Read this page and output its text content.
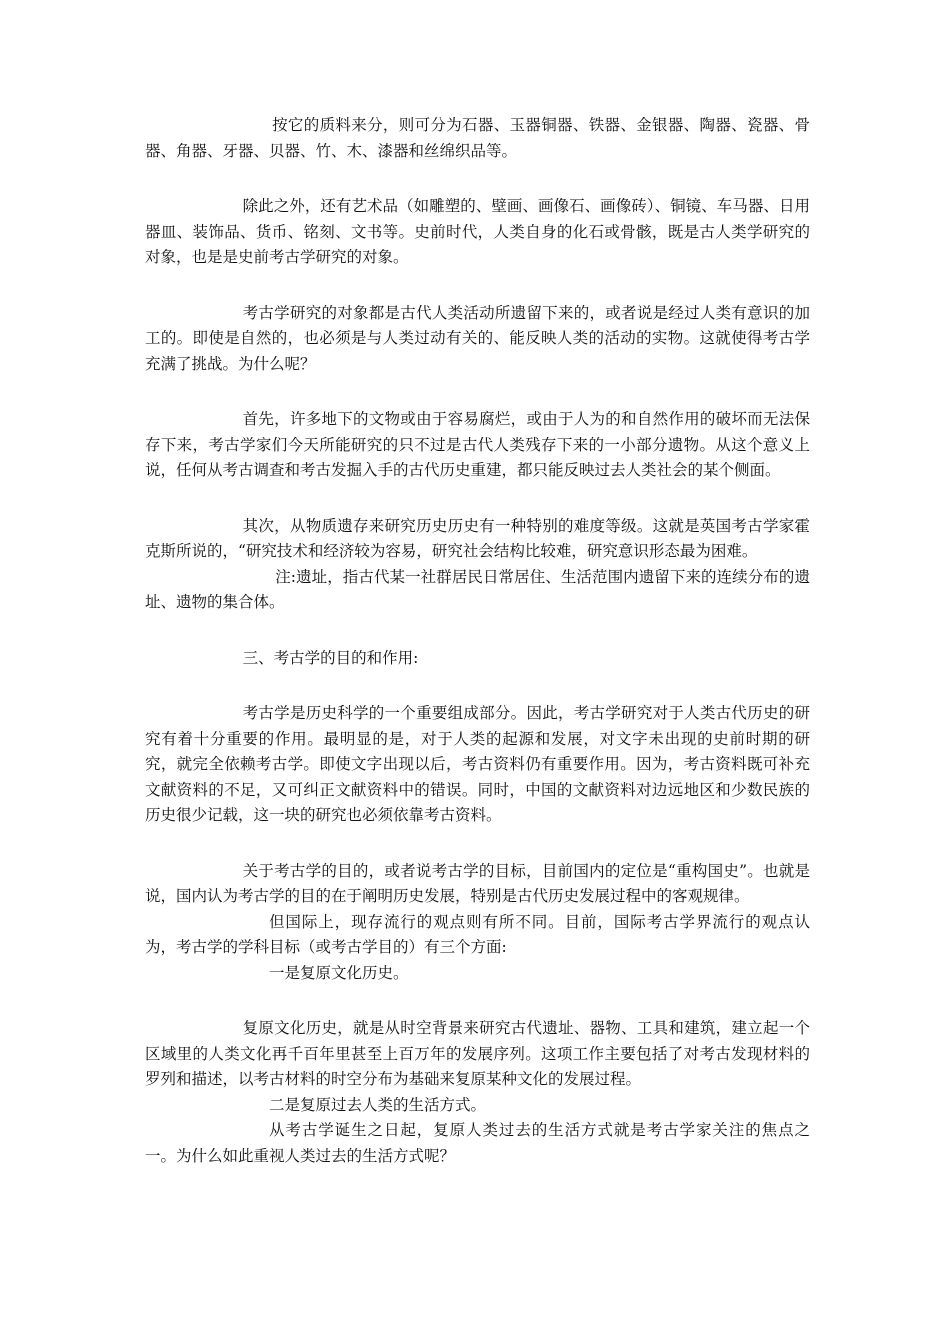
按它的质料来分，则可分为石器、玉器铜器、铁器、金银器、陶器、瓷器、骨器、角器、牙器、贝器、竹、木、漆器和丝绵织品等。

除此之外，还有艺术品（如雕塑的、壁画、画像石、画像砖）、铜镜、车马器、日用器皿、装饰品、货币、铭刻、文书等。史前时代，人类自身的化石或骨骸，既是古人类学研究的对象，也是是史前考古学研究的对象。

考古学研究的对象都是古代人类活动所遗留下来的，或者说是经过人类有意识的加工的。即使是自然的，也必须是与人类过动有关的、能反映人类的活动的实物。这就使得考古学充满了挑战。为什么呢？

首先，许多地下的文物或由于容易腐烂，或由于人为的和自然作用的破坏而无法保存下来，考古学家们今天所能研究的只不过是古代人类残存下来的一小部分遗物。从这个意义上说，任何从考古调查和考古发掘入手的古代历史重建，都只能反映过去人类社会的某个侧面。

其次，从物质遗存来研究历史历史有一种特别的难度等级。这就是英国考古学家霍克斯所说的，“研究技术和经济较为容易，研究社会结构比较难，研究意识形态最为困难。

注:遗址，指古代某一社群居民日常居住、生活范围内遗留下来的连续分布的遗址、遗物的集合体。

三、考古学的目的和作用:

考古学是历史科学的一个重要组成部分。因此，考古学研究对于人类古代历史的研究有着十分重要的作用。最明显的是，对于人类的起源和发展，对文字未出现的史前时期的研究，就完全依赖考古学。即使文字出现以后，考古资料仍有重要作用。因为，考古资料既可补充文献资料的不足，又可纠正文献资料中的错误。同时，中国的文献资料对边远地区和少数民族的历史很少记载，这一块的研究也必须依靠考古资料。

关于考古学的目的，或者说考古学的目标，目前国内的定位是“重构国史”。也就是说，国内认为考古学的目的在于阐明历史发展，特别是古代历史发展过程中的客观规律。

但国际上，现存流行的观点则有所不同。目前，国际考古学界流行的观点认为，考古学的学科目标（或考古学目的）有三个方面:

一是复原文化历史。

复原文化历史，就是从时空背景来研究古代遗址、器物、工具和建筑，建立起一个区域里的人类文化再千百年里甚至上百万年的发展序列。这项工作主要包括了对考古发现材料的罗列和描述，以考古材料的时空分布为基础来复原某种文化的发展过程。

二是复原过去人类的生活方式。

从考古学诞生之日起，复原人类过去的生活方式就是考古学家关注的焦点之一。为什么如此重视人类过去的生活方式呢？
